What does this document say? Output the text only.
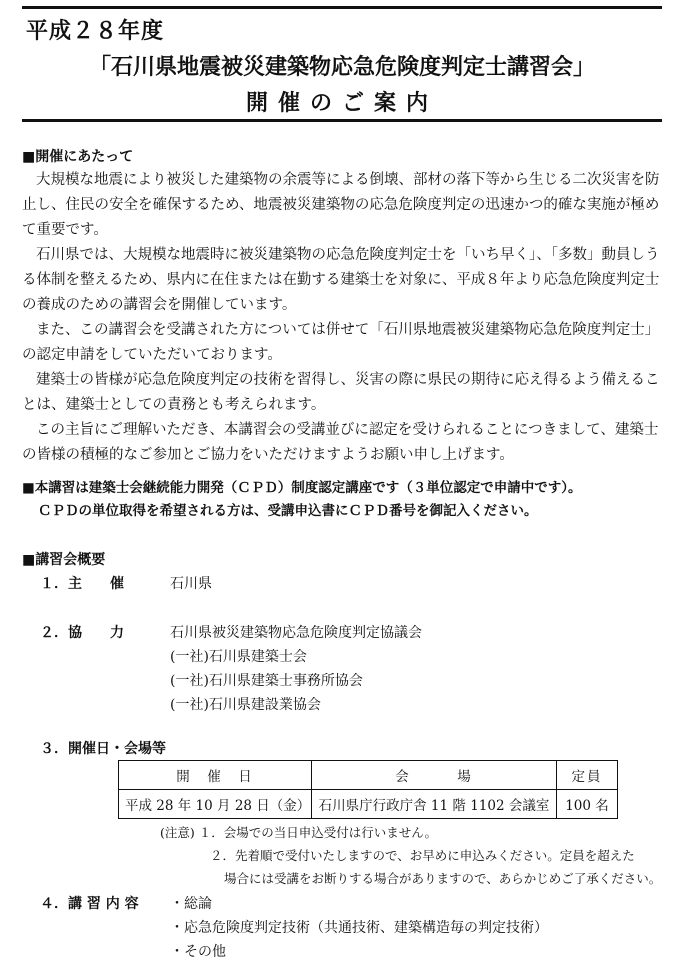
平成２８年度
「石川県地震被災建築物応急危険度判定士講習会」
開催のご案内
■開催にあたって
大規模な地震により被災した建築物の余震等による倒壊、部材の落下等から生じる二次災害を防
止し、住民の安全を確保するため、地震被災建築物の応急危険度判定の迅速かつ的確な実施が極め
て重要です。
石川県では、大規模な地震時に被災建築物の応急危険度判定士を「いち早く」、「多数」動員しう
る体制を整えるため、県内に在住または在勤する建築士を対象に、平成８年より応急危険度判定士
の養成のための講習会を開催しています。
また、この講習会を受講された方については併せて「石川県地震被災建築物応急危険度判定士」
の認定申請をしていただいております。
建築士の皆様が応急危険度判定の技術を習得し、災害の際に県民の期待に応え得るよう備えるこ
とは、建築士としての責務とも考えられます。
この主旨にご理解いただき、本講習会の受講並びに認定を受けられることにつきまして、建築士
の皆様の積極的なご参加とご協力をいただけますようお願い申し上げます。
■本講習は建築士会継続能力開発（ＣＰＤ）制度認定講座です（３単位認定で申請中です）。
ＣＰＤの単位取得を希望される方は、受講申込書にＣＰＤ番号を御記入ください。
■講習会概要
１．主　　催	石川県
２．協　　力	石川県被災建築物応急危険度判定協議会
(一社)石川県建築士会
(一社)石川県建築士事務所協会
(一社)石川県建設業協会
３．開催日・会場等
開　催　日	会　　　場	定員
平成 28 年 10 月 28 日（金）	石川県庁行政庁舎 11 階 1102 会議室	100 名
(注意) １．会場での当日申込受付は行いません。
２．先着順で受付いたしますので、お早めに申込みください。定員を超えた
場合には受講をお断りする場合がありますので、あらかじめご了承ください。
４．講 習 内 容 ・総論
・応急危険度判定技術（共通技術、建築構造毎の判定技術）
・その他
